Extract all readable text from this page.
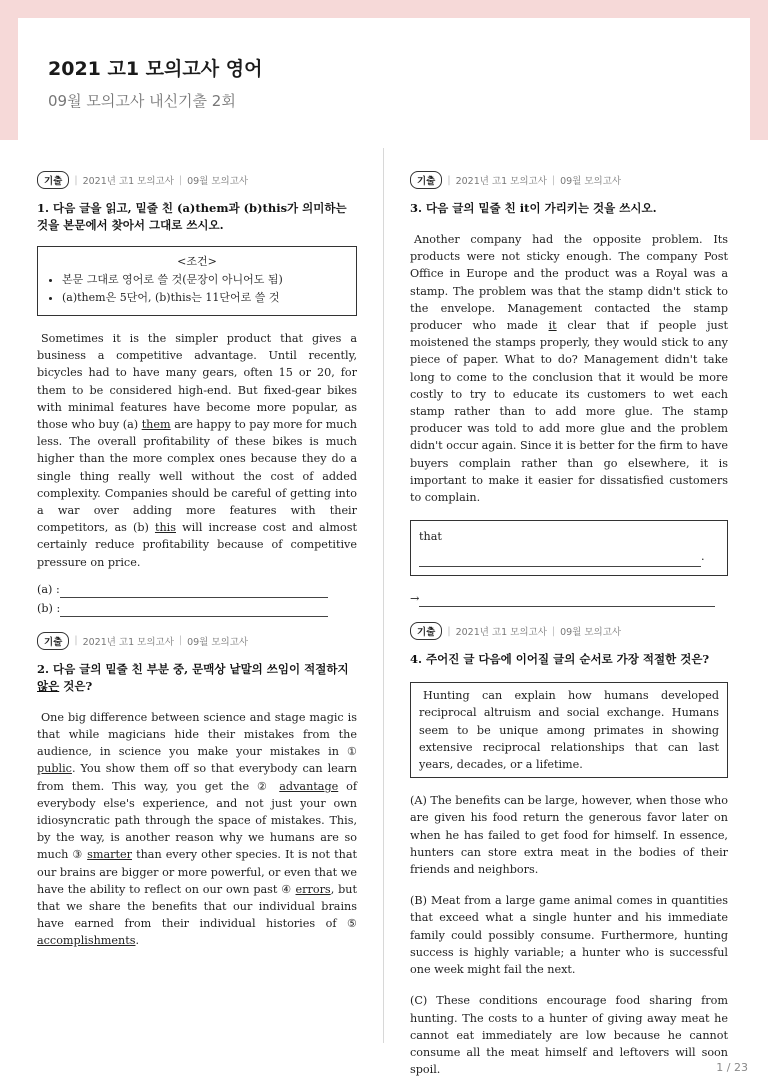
2021 고1 모의고사 영어
09월 모의고사 내신기출 2회
기출	| 2021년 고1 모의고사 | 09월 모의고사
1. 다음 글을 읽고, 밑줄 친 (a)them과 (b)this가 의미하는 것을 본문에서 찾아서 그대로 쓰시오.
<조건>
• 본문 그대로 영어로 쓸 것(문장이 아니어도 됨)
• (a)them은 5단어, (b)this는 11단어로 쓸 것
Sometimes it is the simpler product that gives a business a competitive advantage. Until recently, bicycles had to have many gears, often 15 or 20, for them to be considered high-end. But fixed-gear bikes with minimal features have become more popular, as those who buy (a) them are happy to pay more for much less. The overall profitability of these bikes is much higher than the more complex ones because they do a single thing really well without the cost of added complexity. Companies should be careful of getting into a war over adding more features with their competitors, as (b) this will increase cost and almost certainly reduce profitability because of competitive pressure on price.
(a) :
(b) :
기출	| 2021년 고1 모의고사 | 09월 모의고사
2. 다음 글의 밑줄 친 부분 중, 문맥상 낱말의 쓰임이 적절하지 않은 것은?
One big difference between science and stage magic is that while magicians hide their mistakes from the audience, in science you make your mistakes in ① public. You show them off so that everybody can learn from them. This way, you get the ② advantage of everybody else's experience, and not just your own idiosyncratic path through the space of mistakes. This, by the way, is another reason why we humans are so much ③ smarter than every other species. It is not that our brains are bigger or more powerful, or even that we have the ability to reflect on our own past ④ errors, but that we share the benefits that our individual brains have earned from their individual histories of ⑤ accomplishments.
기출	| 2021년 고1 모의고사 | 09월 모의고사
3. 다음 글의 밑줄 친 it이 가리키는 것을 쓰시오.
Another company had the opposite problem. Its products were not sticky enough. The company Post Office in Europe and the product was a Royal was a stamp. The problem was that the stamp didn't stick to the envelope. Management contacted the stamp producer who made it clear that if people just moistened the stamps properly, they would stick to any piece of paper. What to do? Management didn't take long to come to the conclusion that it would be more costly to try to educate its customers to wet each stamp rather than to add more glue. The stamp producer was told to add more glue and the problem didn't occur again. Since it is better for the firm to have buyers complain rather than go elsewhere, it is important to make it easier for dissatisfied customers to complain.
that
.
→
기출	| 2021년 고1 모의고사 | 09월 모의고사
4. 주어진 글 다음에 이어질 글의 순서로 가장 적절한 것은?
Hunting can explain how humans developed reciprocal altruism and social exchange. Humans seem to be unique among primates in showing extensive reciprocal relationships that can last years, decades, or a lifetime.
(A) The benefits can be large, however, when those who are given his food return the generous favor later on when he has failed to get food for himself. In essence, hunters can store extra meat in the bodies of their friends and neighbors.
(B) Meat from a large game animal comes in quantities that exceed what a single hunter and his immediate family could possibly consume. Furthermore, hunting success is highly variable; a hunter who is successful one week might fail the next.
(C) These conditions encourage food sharing from hunting. The costs to a hunter of giving away meat he cannot eat immediately are low because he cannot consume all the meat himself and leftovers will soon spoil.	1 / 23
